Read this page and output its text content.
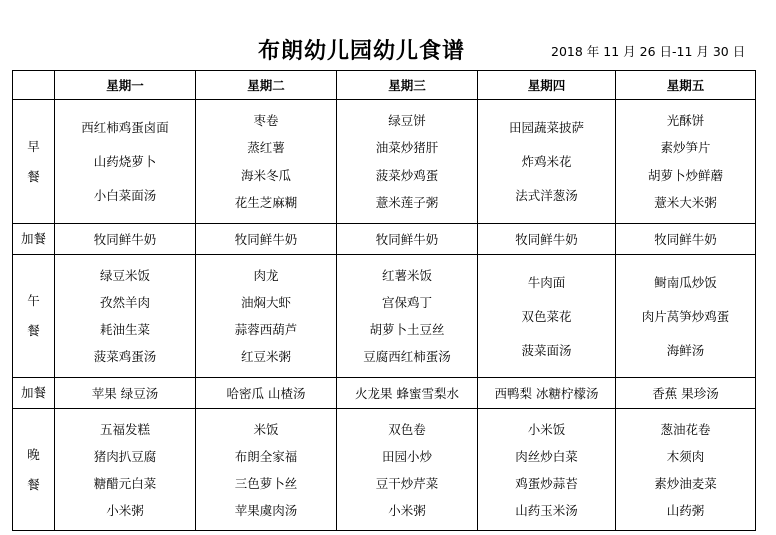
布朗幼儿园幼儿食谱	2018 年 11 月 26 日-11 月 30 日
	星期一	星期二	星期三	星期四	星期五

早
餐	西红柿鸡蛋卤面
山药烧萝卜
小白菜面汤	枣卷
蒸红薯
海米冬瓜
花生芝麻糊	绿豆饼
油菜炒猪肝
菠菜炒鸡蛋
薏米莲子粥	田园蔬菜披萨
炸鸡米花
法式洋葱汤	光酥饼
素炒笋片
胡萝卜炒鲜蘑
薏米大米粥

加餐	牧同鲜牛奶	牧同鲜牛奶	牧同鲜牛奶	牧同鲜牛奶	牧同鲜牛奶

午
餐	绿豆米饭
孜然羊肉
耗油生菜
菠菜鸡蛋汤	肉龙
油焖大虾
蒜蓉西葫芦
红豆米粥	红薯米饭
宫保鸡丁
胡萝卜土豆丝
豆腐西红柿蛋汤	牛肉面
双色菜花
菠菜面汤	鲥南瓜炒饭
肉片莴笋炒鸡蛋
海鲜汤

加餐	苹果 绿豆汤	哈密瓜 山楂汤	火龙果 蜂蜜雪梨水	西鸭梨 冰糖柠檬汤	香蕉 果珍汤

晚
餐	五福发糕
猪肉扒豆腐
糖醋元白菜
小米粥	米饭
布朗全家福
三色萝卜丝
苹果虞肉汤	双色卷
田园小炒
豆干炒芹菜
小米粥	小米饭
肉丝炒白菜
鸡蛋炒蒜苔
山药玉米汤	葱油花卷
木须肉
素炒油麦菜
山药粥
